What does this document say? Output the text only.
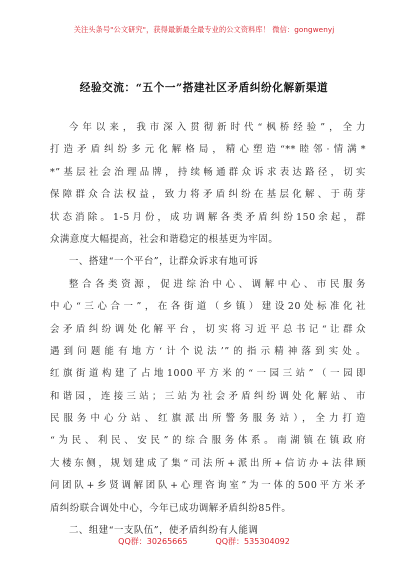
关注头条号"公文研究"，获得最新最全最专业的公文资料库！ 微信：gongwenyj
经验交流：“五个一”搭建社区矛盾纠纷化解新渠道
今年以来，我市深入贯彻新时代“枫桥经验”，全力
打造矛盾纠纷多元化解格局，精心塑造“**睦邻·情满*
*”基层社会治理品牌，持续畅通群众诉求表达路径，切实
保障群众合法权益，致力将矛盾纠纷在基层化解、于萌芽
状态消除。1-5月份，成功调解各类矛盾纠纷150余起，群
众满意度大幅提高，社会和谐稳定的根基更为牢固。
一、搭建“一个平台”，让群众诉求有地可诉
整合各类资源，促进综治中心、调解中心、市民服务
中心“三心合一”，在各街道（乡镇）建设20处标准化社
会矛盾纠纷调处化解平台，切实将习近平总书记“让群众
遇到问题能有地方‘计个说法’”的指示精神落到实处。
红旗街道构建了占地1000平方米的“一园三站”（一园即
和谐园，连接三站；三站为社会矛盾纠纷调处化解站、市
民服务中心分站、红旗派出所警务服务站），全力打造
“为民、利民、安民”的综合服务体系。南湖镇在镇政府
大楼东侧，规划建成了集“司法所+派出所+信访办+法律顾
问团队+乡贤调解团队+心理咨询室”为一体的500平方米矛
盾纠纷联合调处中心，今年已成功调解矛盾纠纷85件。
二、组建“一支队伍”，使矛盾纠纷有人能调
QQ群：30265665	QQ群：535304092
